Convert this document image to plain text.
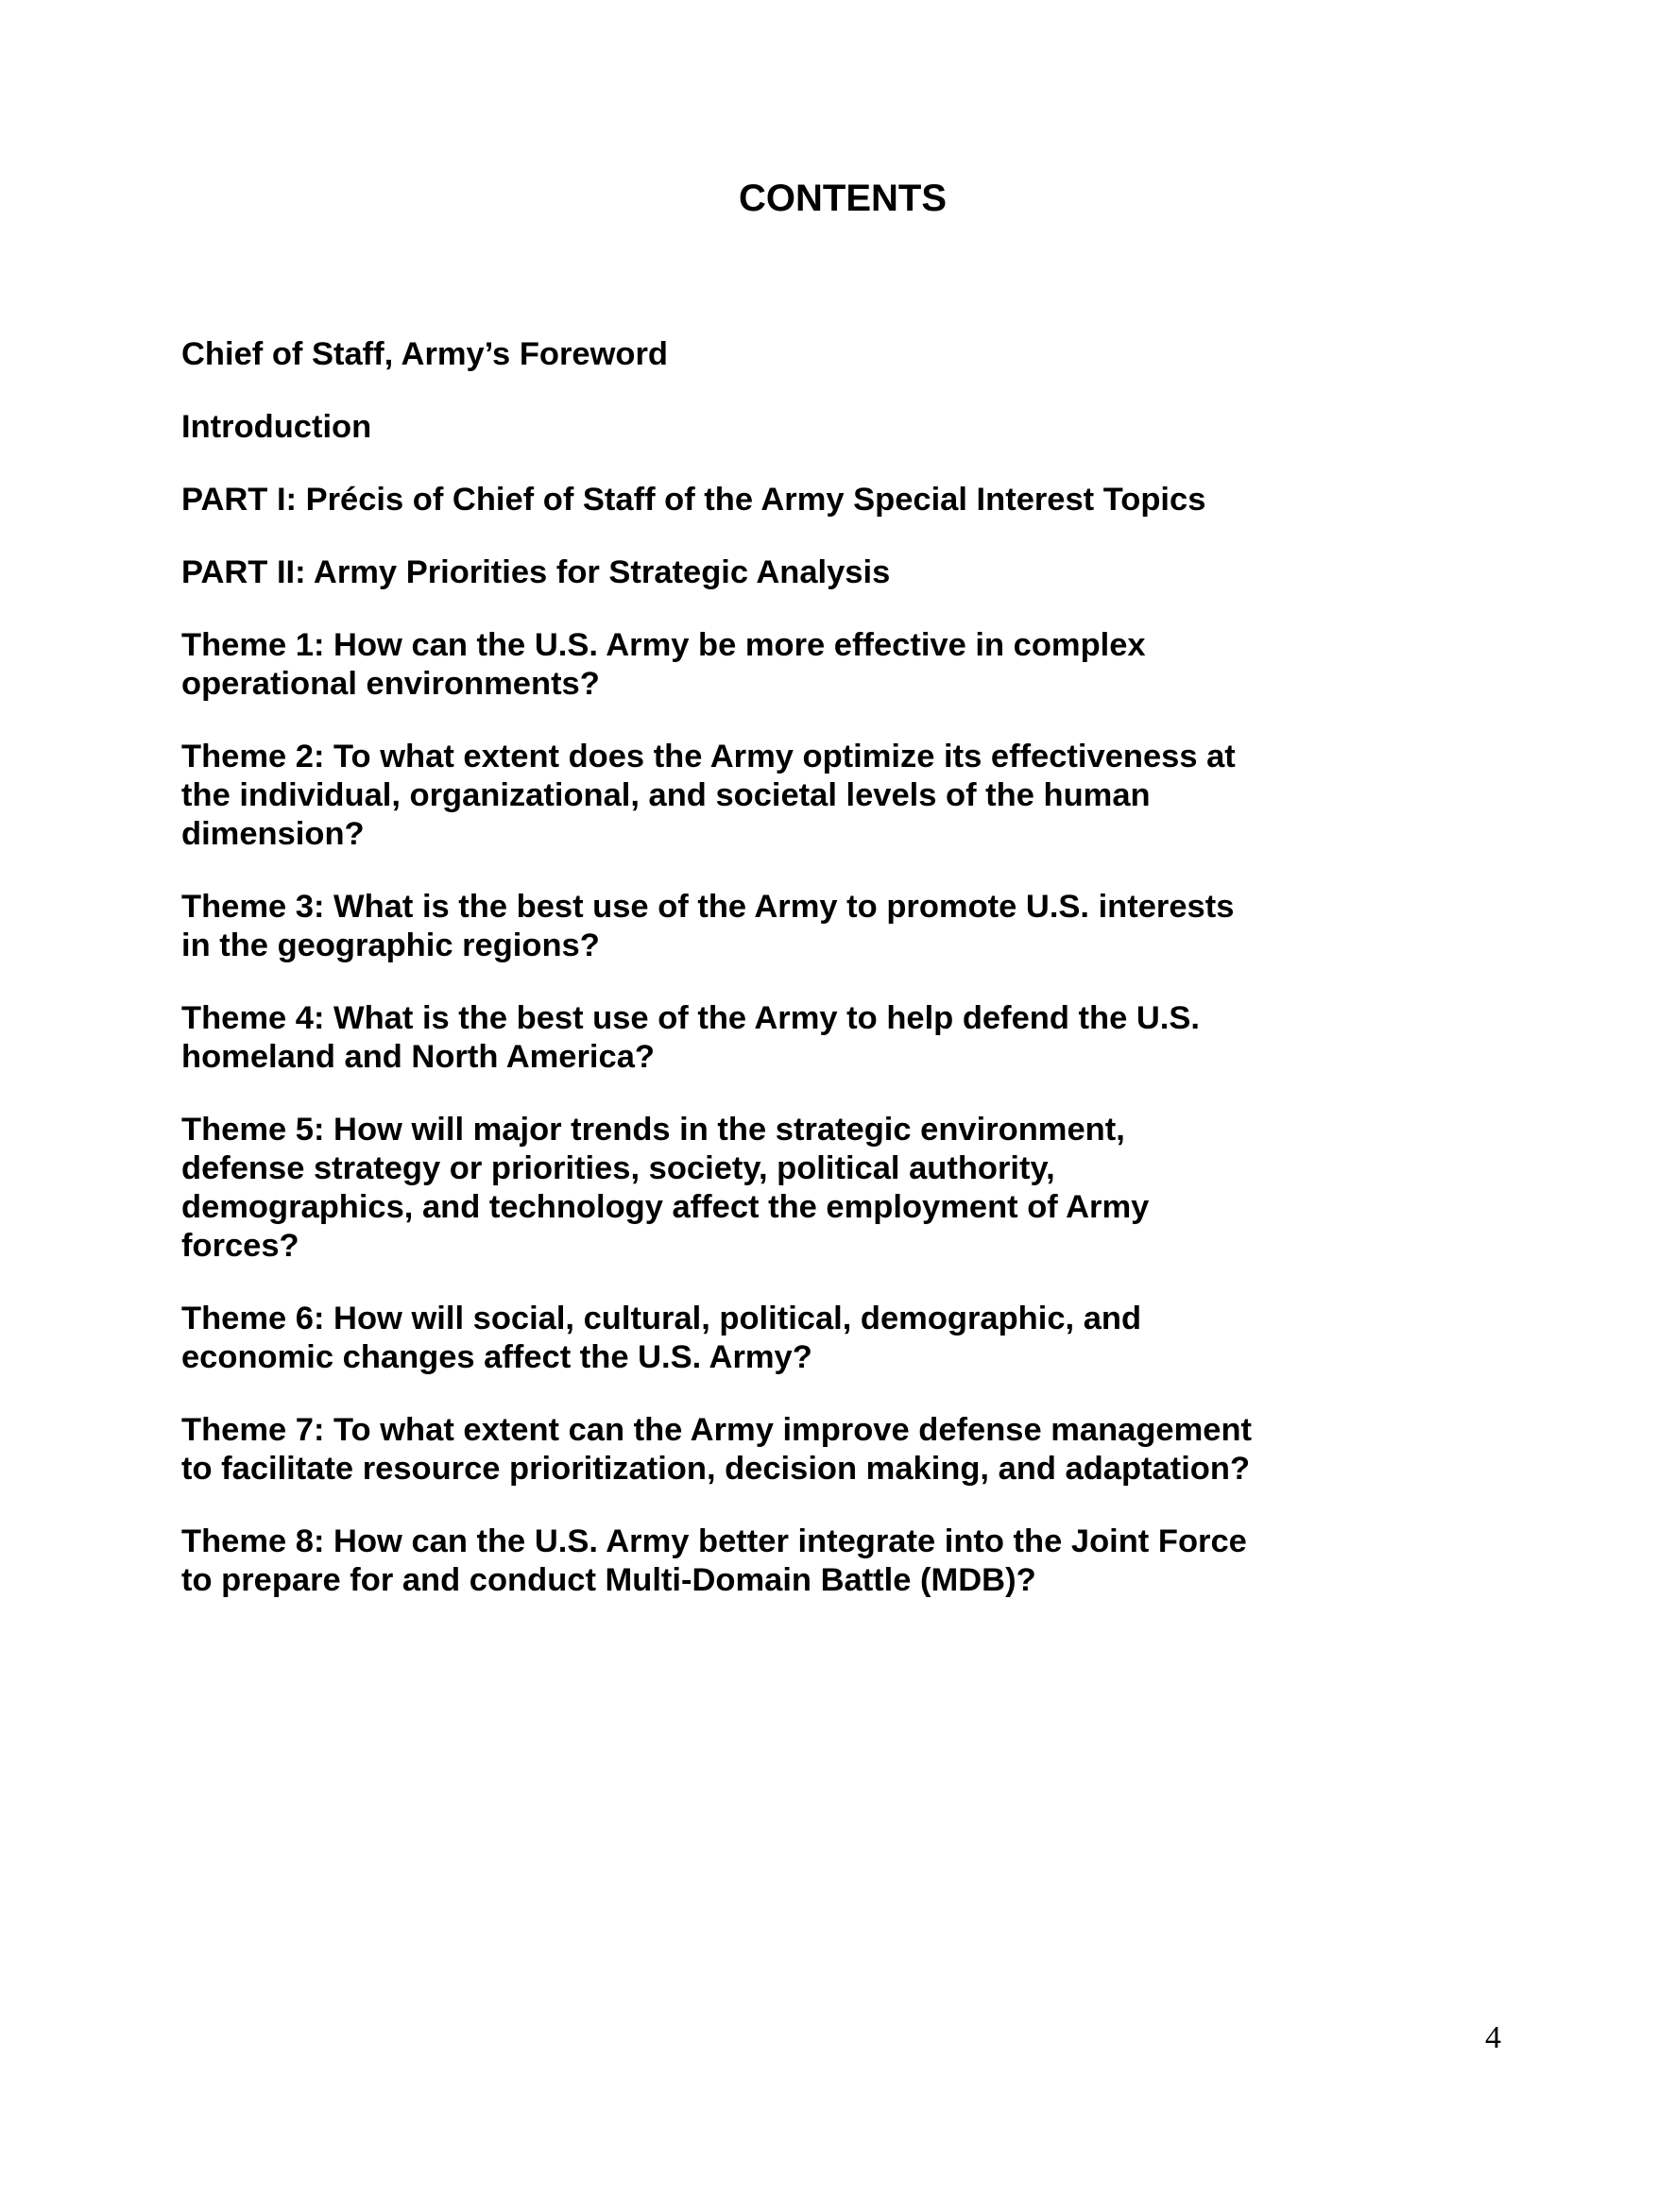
CONTENTS
Chief of Staff, Army’s Foreword
Introduction
PART I: Précis of Chief of Staff of the Army Special Interest Topics
PART II: Army Priorities for Strategic Analysis
Theme 1: How can the U.S. Army be more effective in complex
operational environments?
Theme 2: To what extent does the Army optimize its effectiveness at
the individual, organizational, and societal levels of the human
dimension?
Theme 3: What is the best use of the Army to promote U.S. interests
in the geographic regions?
Theme 4: What is the best use of the Army to help defend the U.S.
homeland and North America?
Theme 5: How will major trends in the strategic environment,
defense strategy or priorities, society, political authority,
demographics, and technology affect the employment of Army
forces?
Theme 6: How will social, cultural, political, demographic, and
economic changes affect the U.S. Army?
Theme 7: To what extent can the Army improve defense management
to facilitate resource prioritization, decision making, and adaptation?
Theme 8: How can the U.S. Army better integrate into the Joint Force
to prepare for and conduct Multi-Domain Battle (MDB)?
4
